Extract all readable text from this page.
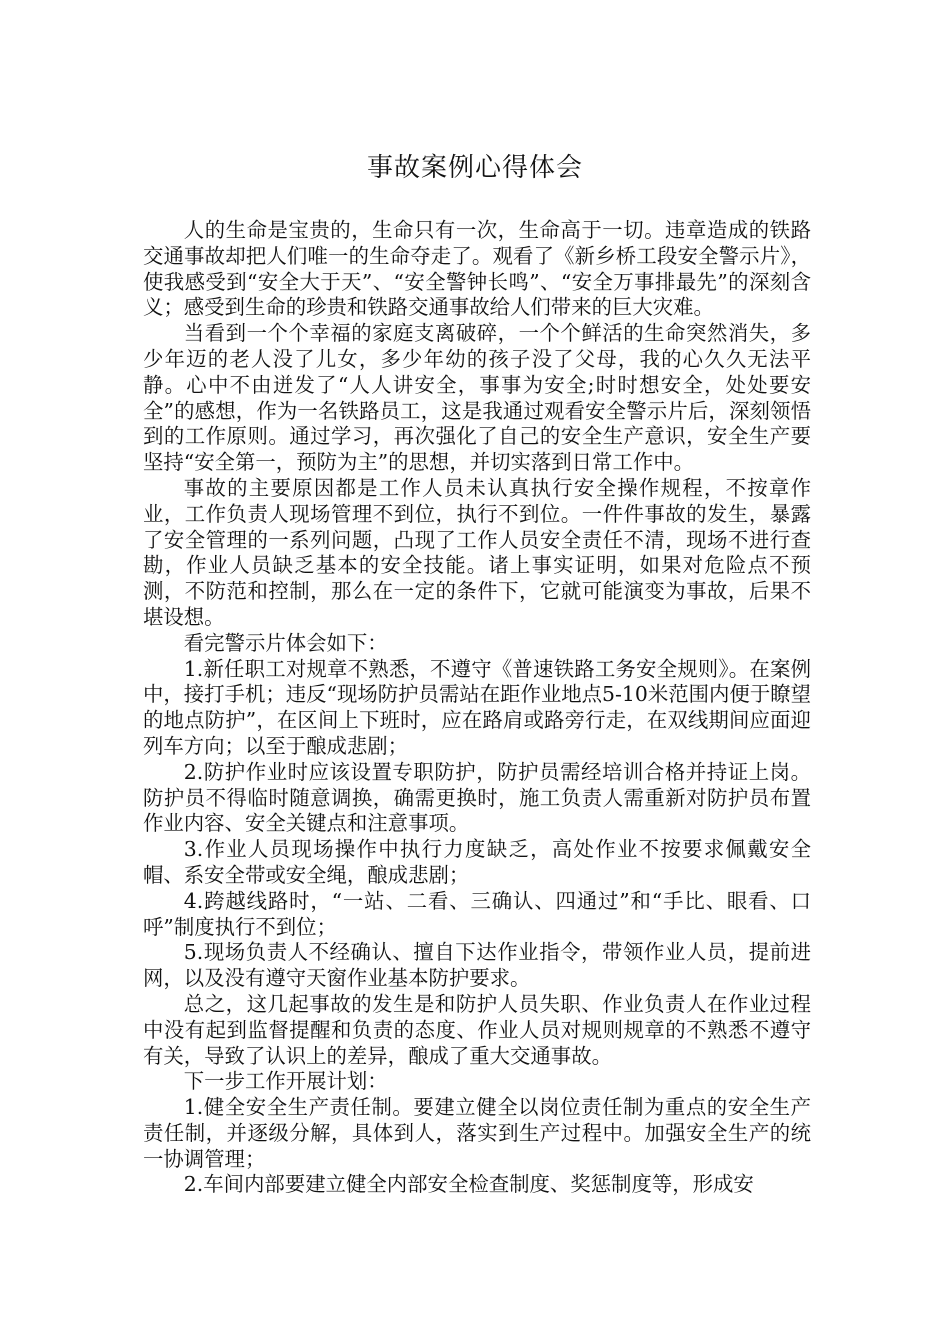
事故案例心得体会

人的生命是宝贵的，生命只有一次，生命高于一切。违章造成的铁路交通事故却把人们唯一的生命夺走了。观看了《新乡桥工段安全警示片》，使我感受到“安全大于天”、“安全警钟长鸣”、“安全万事排最先”的深刻含义；感受到生命的珍贵和铁路交通事故给人们带来的巨大灾难。

当看到一个个幸福的家庭支离破碎，一个个鲜活的生命突然消失，多少年迈的老人没了儿女，多少年幼的孩子没了父母，我的心久久无法平静。心中不由迸发了“人人讲安全，事事为安全;时时想安全，处处要安全”的感想，作为一名铁路员工，这是我通过观看安全警示片后，深刻领悟到的工作原则。通过学习，再次强化了自己的安全生产意识，安全生产要坚持“安全第一，预防为主”的思想，并切实落到日常工作中。

事故的主要原因都是工作人员未认真执行安全操作规程，不按章作业，工作负责人现场管理不到位，执行不到位。一件件事故的发生，暴露了安全管理的一系列问题，凸现了工作人员安全责任不清，现场不进行查勘，作业人员缺乏基本的安全技能。诸上事实证明，如果对危险点不预测，不防范和控制，那么在一定的条件下，它就可能演变为事故，后果不堪设想。

看完警示片体会如下：

1.新任职工对规章不熟悉，不遵守《普速铁路工务安全规则》。在案例中，接打手机；违反“现场防护员需站在距作业地点5-10米范围内便于瞭望的地点防护”，在区间上下班时，应在路肩或路旁行走，在双线期间应面迎列车方向；以至于酿成悲剧；

2.防护作业时应该设置专职防护，防护员需经培训合格并持证上岗。防护员不得临时随意调换，确需更换时，施工负责人需重新对防护员布置作业内容、安全关键点和注意事项。

3.作业人员现场操作中执行力度缺乏，高处作业不按要求佩戴安全帽、系安全带或安全绳，酿成悲剧；

4.跨越线路时，“一站、二看、三确认、四通过”和“手比、眼看、口呼”制度执行不到位；

5.现场负责人不经确认、擅自下达作业指令，带领作业人员，提前进网，以及没有遵守天窗作业基本防护要求。

总之，这几起事故的发生是和防护人员失职、作业负责人在作业过程中没有起到监督提醒和负责的态度、作业人员对规则规章的不熟悉不遵守有关，导致了认识上的差异，酿成了重大交通事故。

下一步工作开展计划：

1.健全安全生产责任制。要建立健全以岗位责任制为重点的安全生产责任制，并逐级分解，具体到人，落实到生产过程中。加强安全生产的统一协调管理；

2.车间内部要建立健全内部安全检查制度、奖惩制度等，形成安
